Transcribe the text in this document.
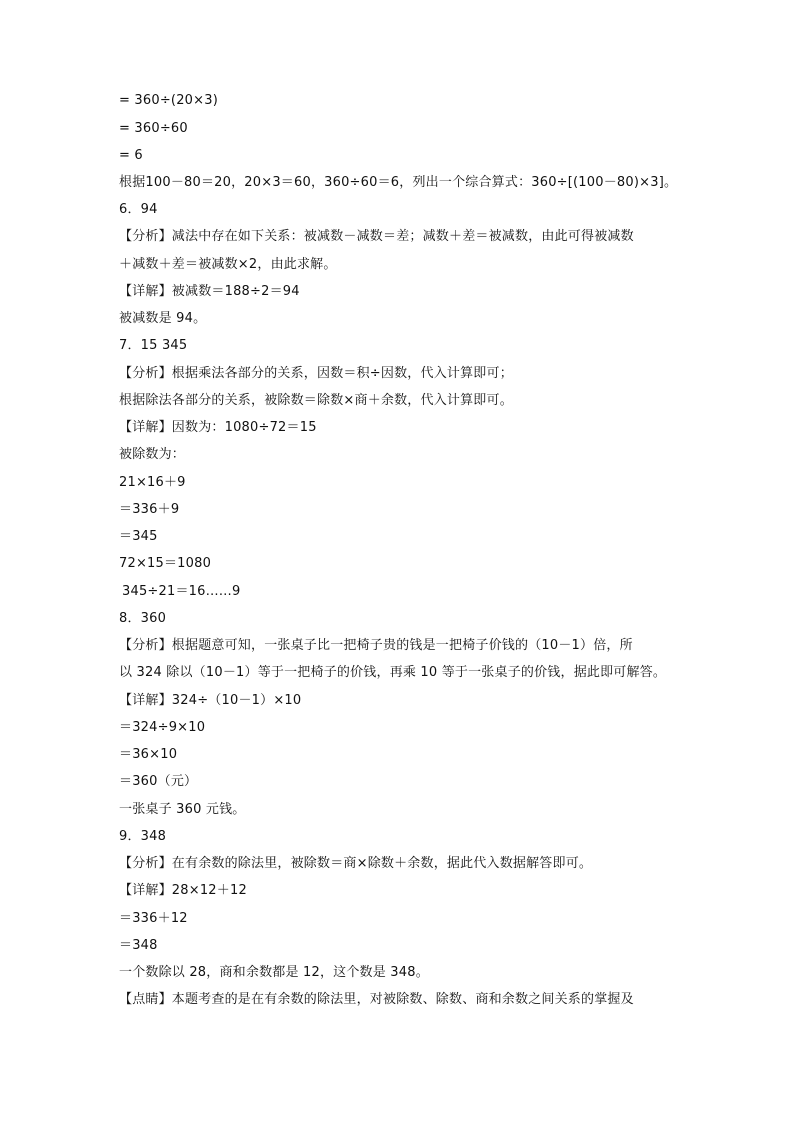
= 360÷(20×3)
= 360÷60
= 6
根据100－80＝20，20×3＝60，360÷60＝6，列出一个综合算式：360÷[(100－80)×3]。
6．94
【分析】减法中存在如下关系：被减数－减数＝差；减数＋差＝被减数，由此可得被减数
＋减数＋差＝被减数×2，由此求解。
【详解】被减数＝188÷2＝94
被减数是 94。
7．15 345
【分析】根据乘法各部分的关系，因数＝积÷因数，代入计算即可；
根据除法各部分的关系，被除数＝除数×商＋余数，代入计算即可。
【详解】因数为：1080÷72＝15
被除数为：
21×16＋9
＝336＋9
＝345
72×15＝1080
345÷21＝16……9
8．360
【分析】根据题意可知，一张桌子比一把椅子贵的钱是一把椅子价钱的（10－1）倍，所
以 324 除以（10－1）等于一把椅子的价钱，再乘 10 等于一张桌子的价钱，据此即可解答。
【详解】324÷（10－1）×10
＝324÷9×10
＝36×10
＝360（元）
一张桌子 360 元钱。
9．348
【分析】在有余数的除法里，被除数＝商×除数＋余数，据此代入数据解答即可。
【详解】28×12＋12
＝336＋12
＝348
一个数除以 28，商和余数都是 12，这个数是 348。
【点睛】本题考查的是在有余数的除法里，对被除数、除数、商和余数之间关系的掌握及
